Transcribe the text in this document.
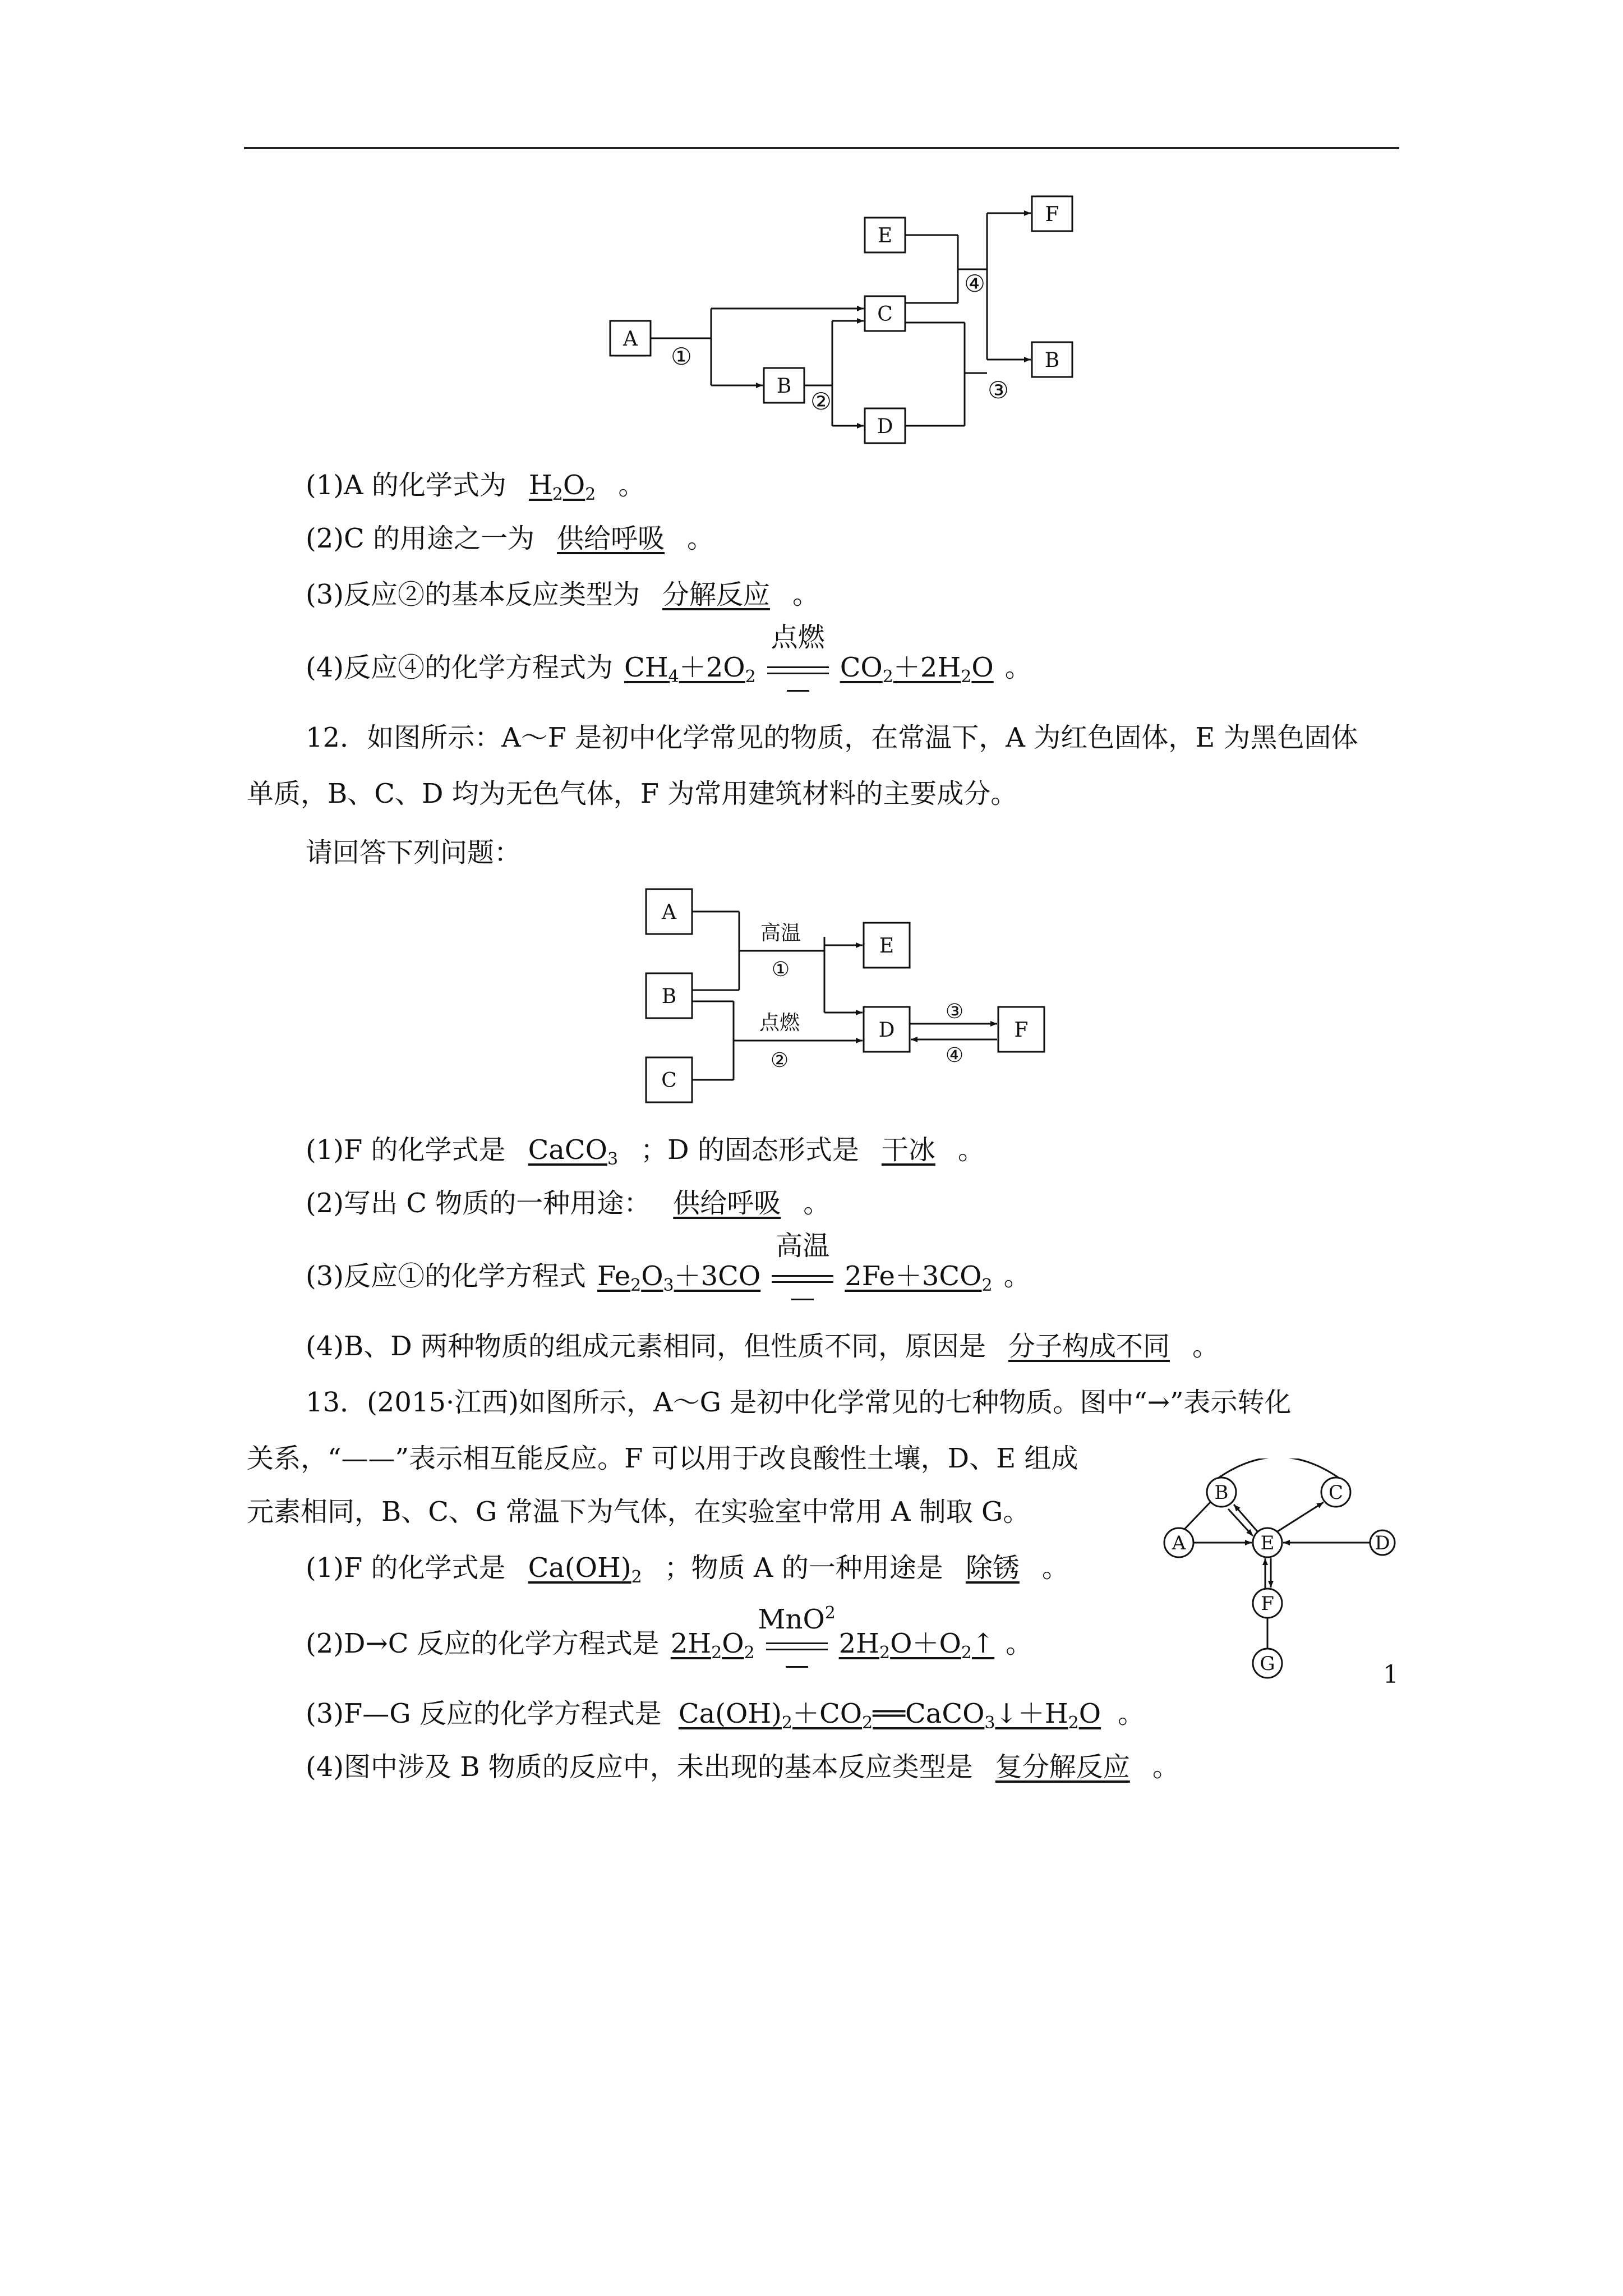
A
B
C
D
E
F
B
①
②	③
④
(1)A 的化学式为 $H_2O_2$ 。
(2)C 的用途之一为 供给呼吸 。
(3)反应②的基本反应类型为 分解反应 。
(4)反应④的化学方程式为 $CH_4+2O_2$
点燃
$CO_2+2H_2O$ 。
12．如图所示：A～F 是初中化学常见的物质，在常温下，A 为红色固体，E 为黑色固体
单质，B、C、D 均为无色气体，F 为常用建筑材料的主要成分。
请回答下列问题：
A
B
C
E
D	F
高温
①
点燃
②
③
④
(1)F 的化学式是 CaCO$_3$ ；D 的固态形式是 干冰 。
(2)写出 C 物质的一种用途： 供给呼吸 。
(3)反应①的化学方程式 $Fe_2O_3+3CO$
高温
$2Fe+3CO_2$ 。
(4)B、D 两种物质的组成元素相同，但性质不同，原因是 分子构成不同 。
13．(2015·江西)如图所示，A～G 是初中化学常见的七种物质。图中“→”表示转化
关系，“——”表示相互能反应。F 可以用于改良酸性土壤，D、E 组成
元素相同，B、C、G 常温下为气体，在实验室中常用 A 制取 G。
A
B	C
D
E
F
G
(1)F 的化学式是 $Ca(OH)_2$ ；物质 A 的一种用途是 除锈 。
(2)D→C 反应的化学方程式是 $2H_2O_2$
MnO$^2$
$2H_2O+O_2↑$ 。
(3)F—G 反应的化学方程式是 $Ca(OH)_2+CO_2══CaCO_3↓+H_2O$ 。
(4)图中涉及 B 物质的反应中，未出现的基本反应类型是 复分解反应 。
1
